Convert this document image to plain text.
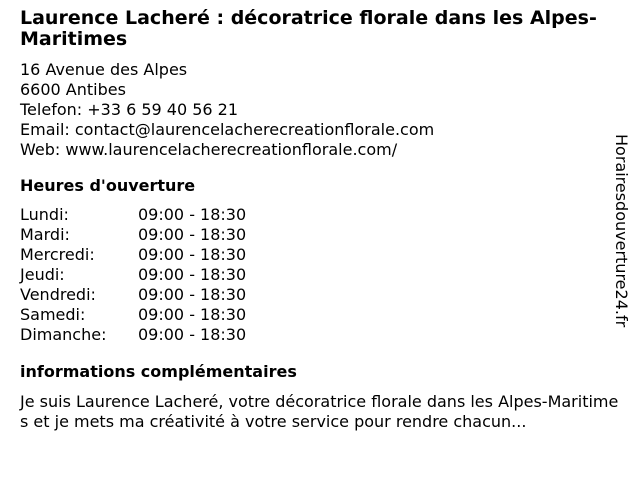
Laurence Lacheré : décoratrice florale dans les Alpes-Maritimes
16 Avenue des Alpes
6600 Antibes
Telefon: +33 6 59 40 56 21
Email: contact@laurencelacherecreationflorale.com
Web: www.laurencelacherecreationflorale.com/
Heures d'ouverture
Lundi:	09:00 - 18:30
Mardi:	09:00 - 18:30
Mercredi:	09:00 - 18:30
Jeudi:	09:00 - 18:30
Vendredi:	09:00 - 18:30
Samedi:	09:00 - 18:30
Dimanche:	09:00 - 18:30
informations complémentaires
Je suis Laurence Lacheré, votre décoratrice florale dans les Alpes-Maritimes et je mets ma créativité à votre service pour rendre chacun...
Horairesdouverture24.fr
